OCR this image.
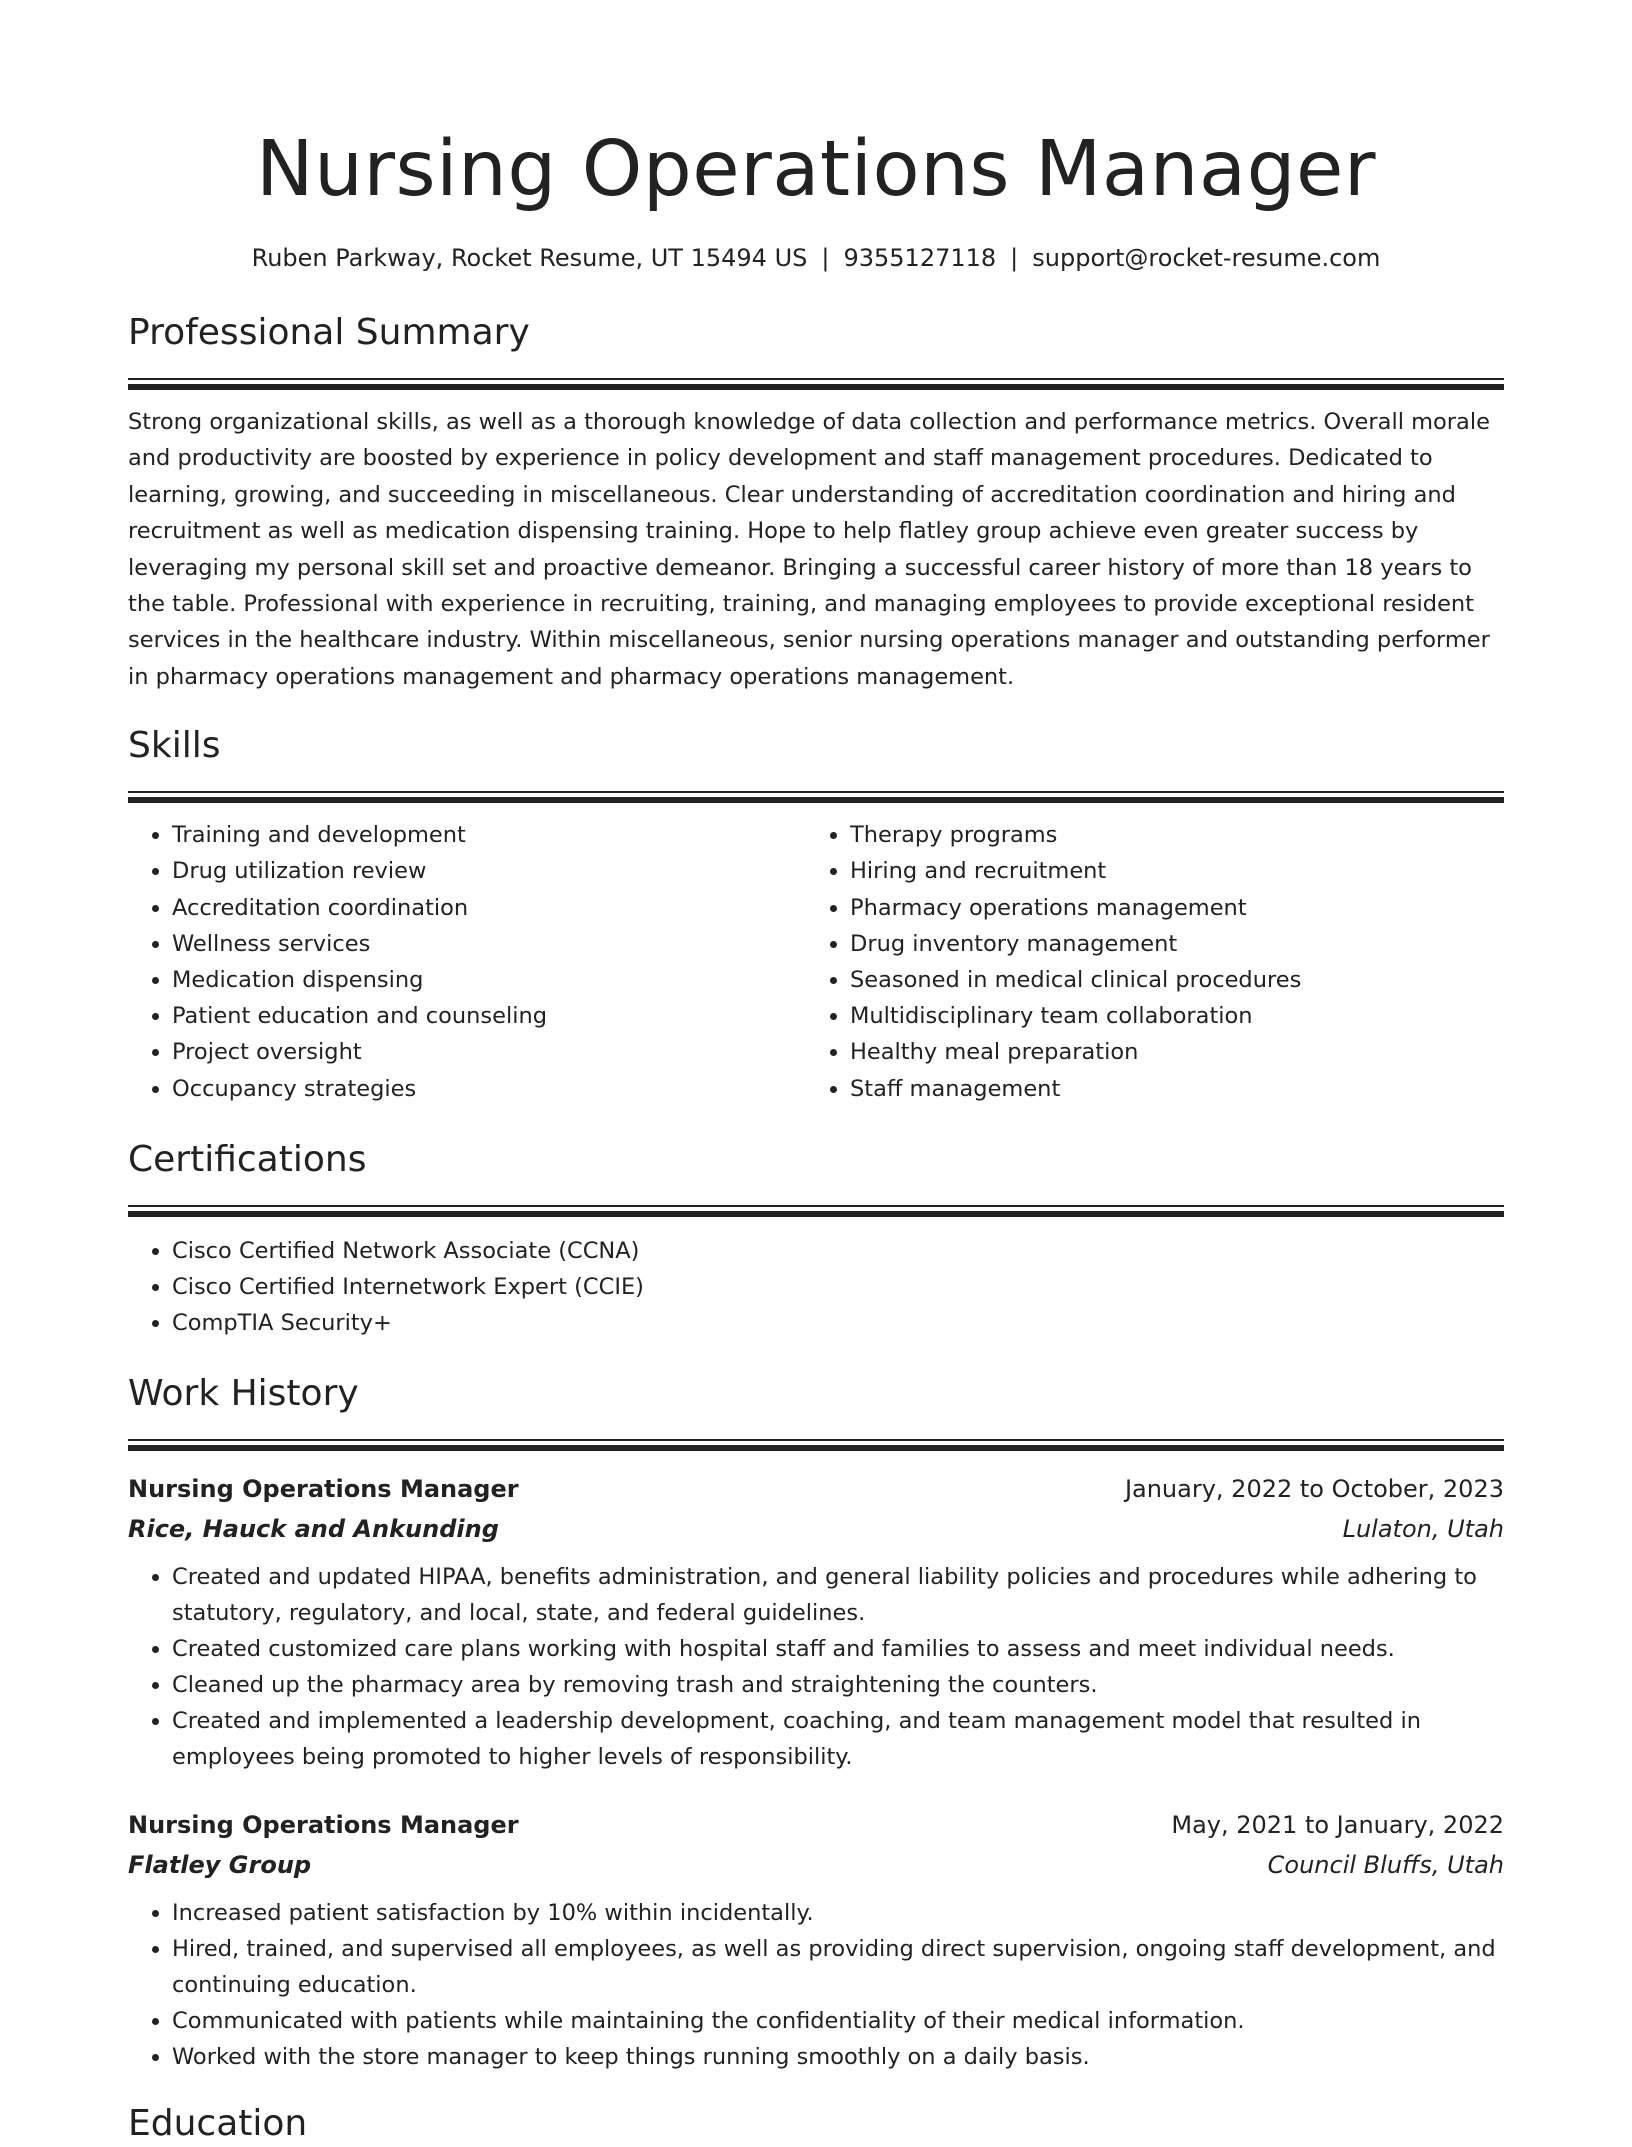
Nursing Operations Manager
Ruben Parkway, Rocket Resume, UT 15494 US | 9355127118 | support@rocket-resume.com
Professional Summary

Strong organizational skills, as well as a thorough knowledge of data collection and performance metrics. Overall morale and productivity are boosted by experience in policy development and staff management procedures. Dedicated to learning, growing, and succeeding in miscellaneous. Clear understanding of accreditation coordination and hiring and recruitment as well as medication dispensing training. Hope to help flatley group achieve even greater success by leveraging my personal skill set and proactive demeanor. Bringing a successful career history of more than 18 years to the table. Professional with experience in recruiting, training, and managing employees to provide exceptional resident services in the healthcare industry. Within miscellaneous, senior nursing operations manager and outstanding performer in pharmacy operations management and pharmacy operations management.

Skills
• Training and development
• Drug utilization review
• Accreditation coordination
• Wellness services
• Medication dispensing
• Patient education and counseling
• Project oversight
• Occupancy strategies
• Therapy programs
• Hiring and recruitment
• Pharmacy operations management
• Drug inventory management
• Seasoned in medical clinical procedures
• Multidisciplinary team collaboration
• Healthy meal preparation
• Staff management
Certifications
• Cisco Certified Network Associate (CCNA)
• Cisco Certified Internetwork Expert (CCIE)
• CompTIA Security+
Work History
Nursing Operations Manager	January, 2022 to October, 2023
Rice, Hauck and Ankunding	Lulaton, Utah
• Created and updated HIPAA, benefits administration, and general liability policies and procedures while adhering to statutory, regulatory, and local, state, and federal guidelines.
• Created customized care plans working with hospital staff and families to assess and meet individual needs.
• Cleaned up the pharmacy area by removing trash and straightening the counters.
• Created and implemented a leadership development, coaching, and team management model that resulted in employees being promoted to higher levels of responsibility.
Nursing Operations Manager	May, 2021 to January, 2022
Flatley Group	Council Bluffs, Utah
• Increased patient satisfaction by 10% within incidentally.
• Hired, trained, and supervised all employees, as well as providing direct supervision, ongoing staff development, and continuing education.
• Communicated with patients while maintaining the confidentiality of their medical information.
• Worked with the store manager to keep things running smoothly on a daily basis.
Education
